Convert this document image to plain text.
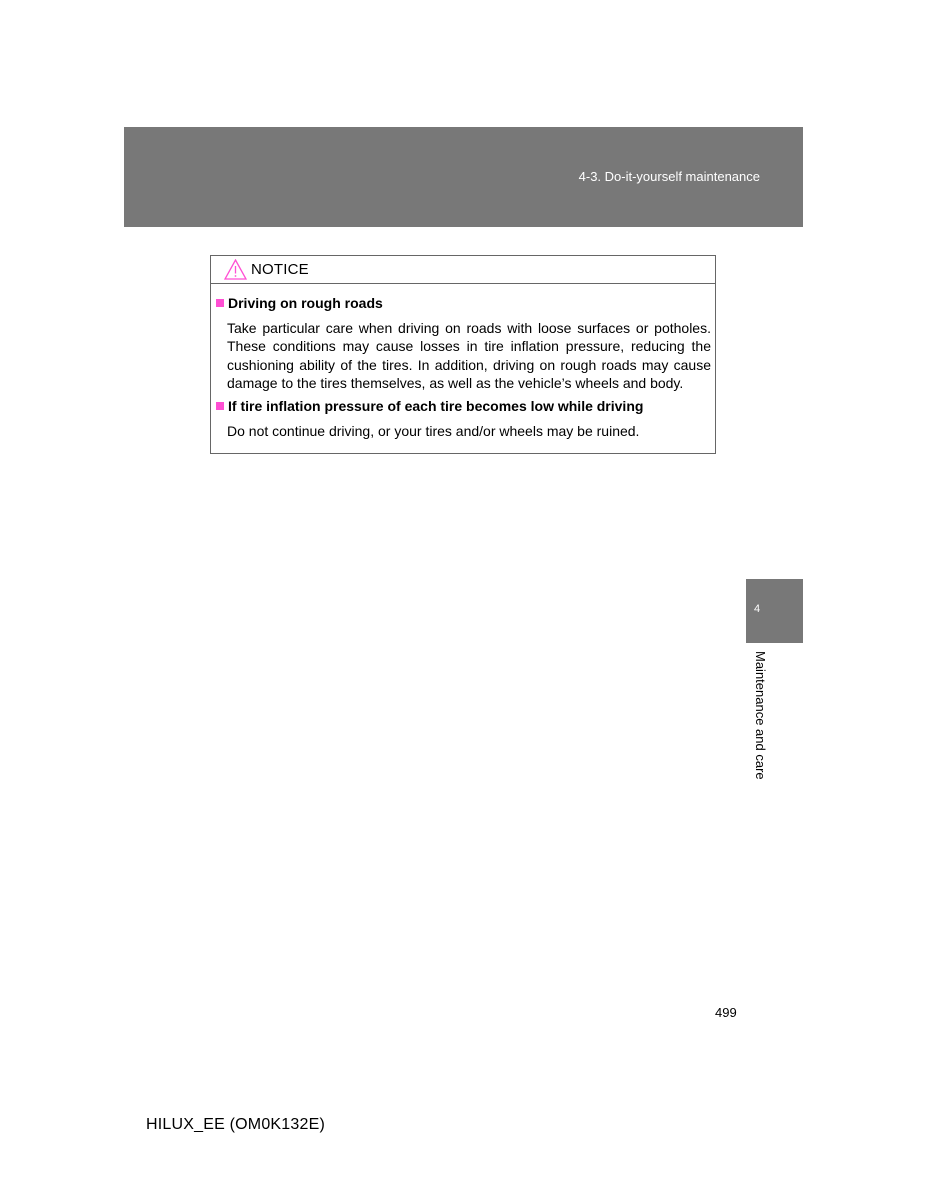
4-3. Do-it-yourself maintenance
NOTICE
Driving on rough roads
Take particular care when driving on roads with loose surfaces or potholes. These conditions may cause losses in tire inflation pressure, reducing the cushioning ability of the tires. In addition, driving on rough roads may cause damage to the tires themselves, as well as the vehicle’s wheels and body.
If tire inflation pressure of each tire becomes low while driving
Do not continue driving, or your tires and/or wheels may be ruined.
4
Maintenance and care
499
HILUX_EE (OM0K132E)
